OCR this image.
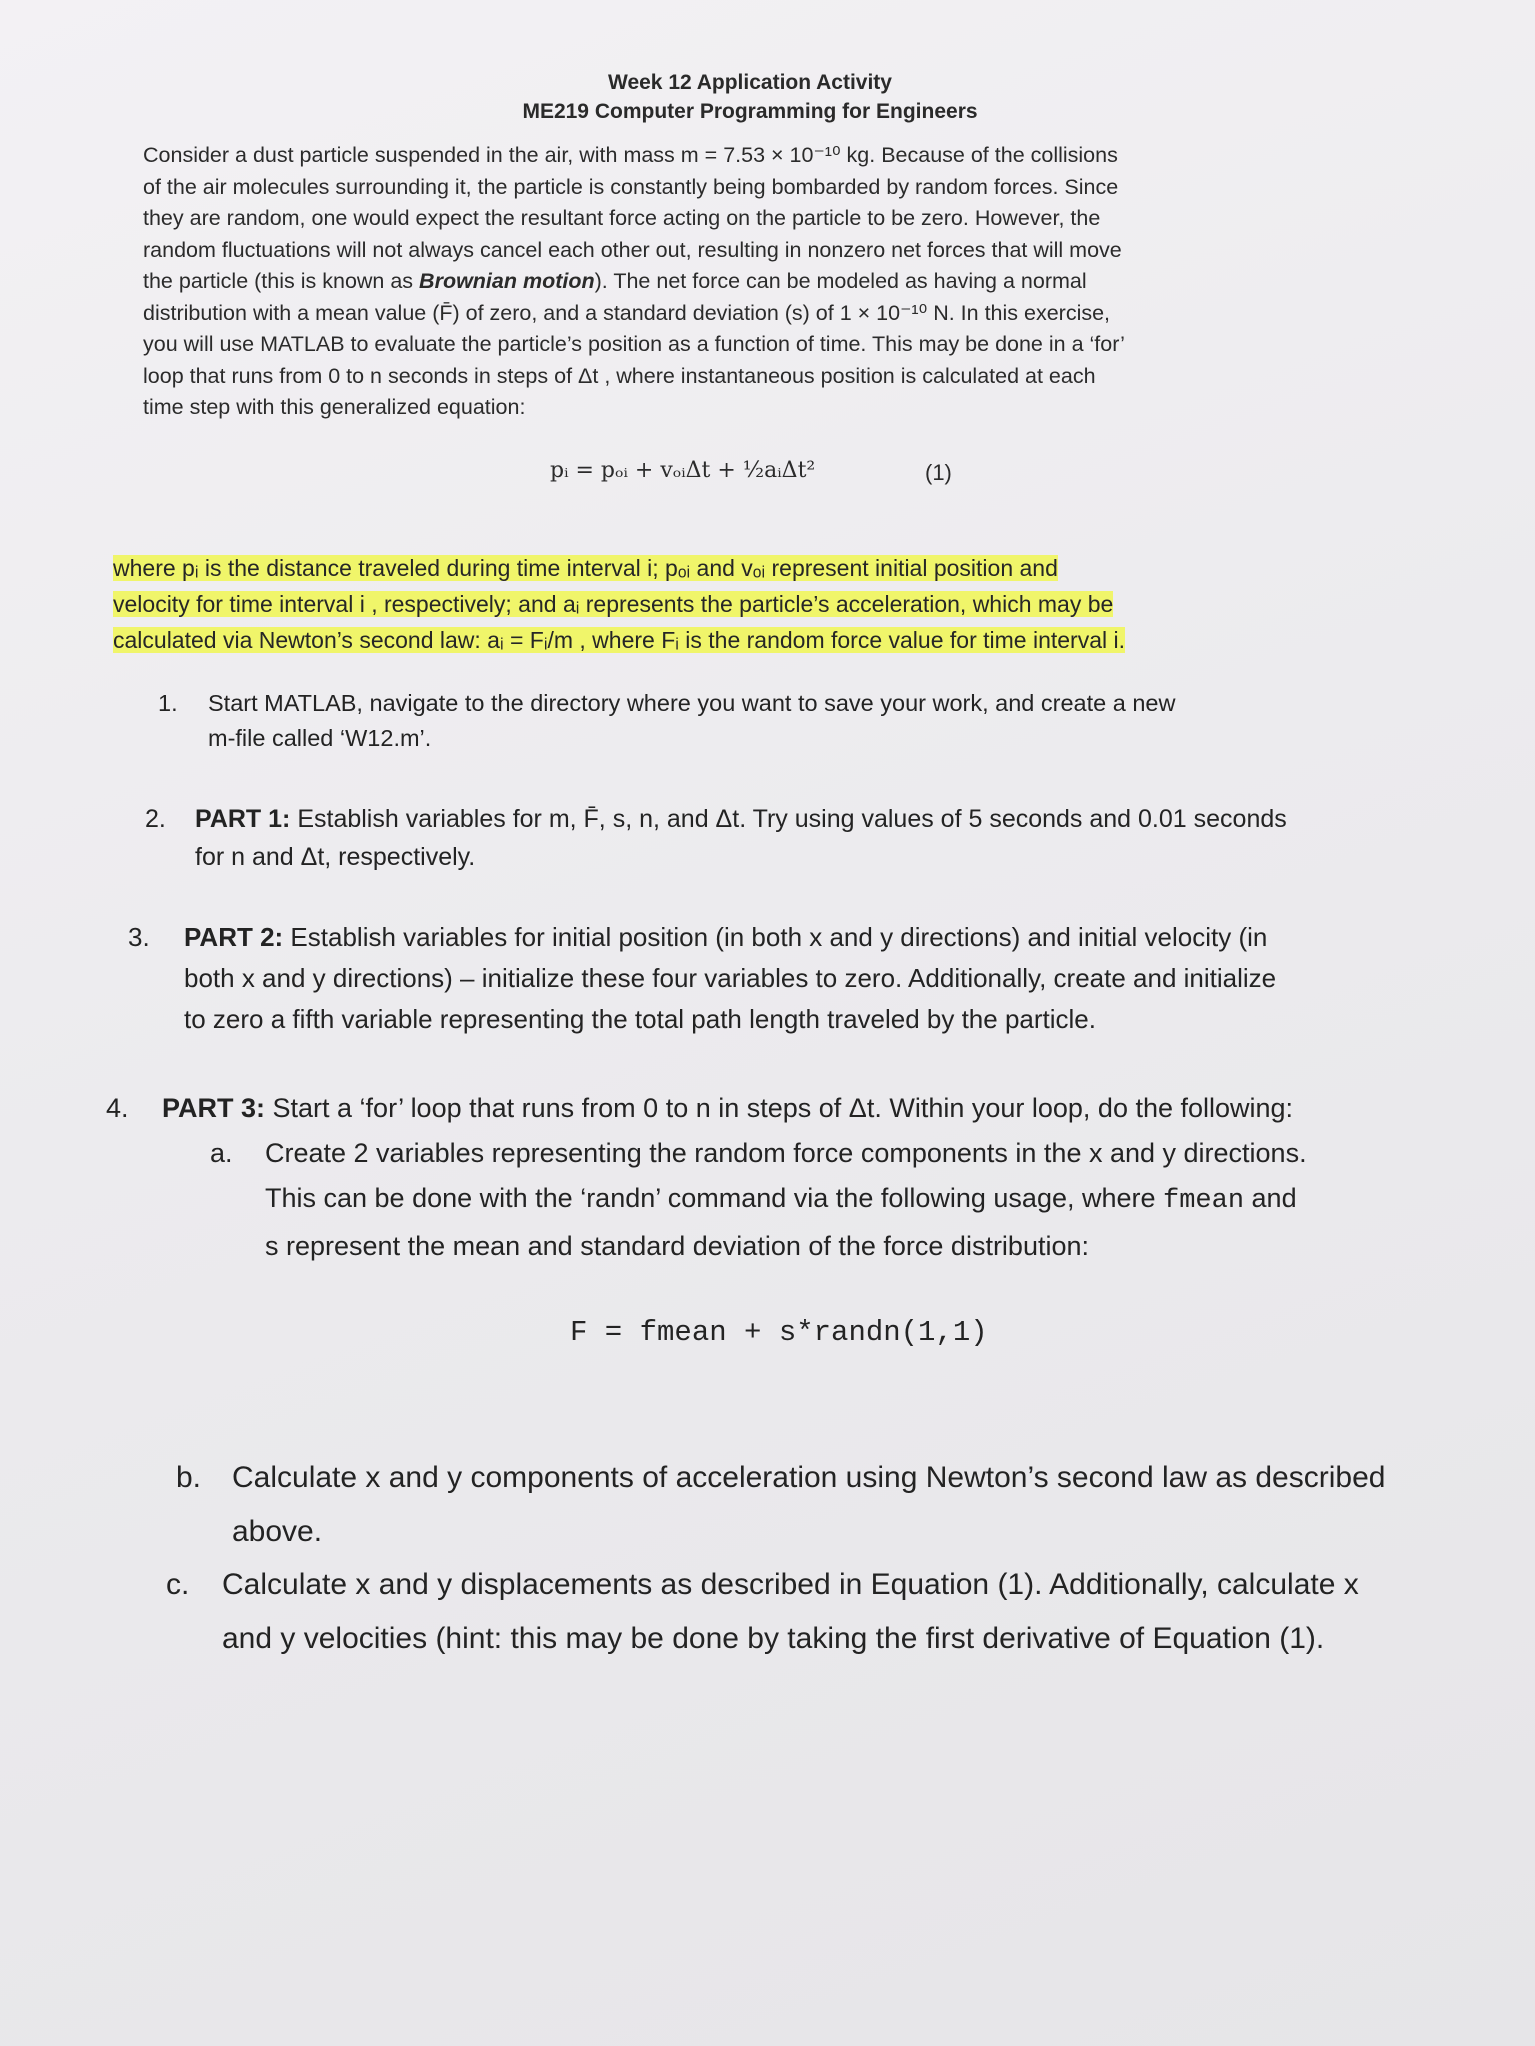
Week 12 Application Activity
ME219 Computer Programming for Engineers
Consider a dust particle suspended in the air, with mass m = 7.53 × 10⁻¹⁰ kg. Because of the collisions
of the air molecules surrounding it, the particle is constantly being bombarded by random forces. Since
they are random, one would expect the resultant force acting on the particle to be zero. However, the
random fluctuations will not always cancel each other out, resulting in nonzero net forces that will move
the particle (this is known as Brownian motion). The net force can be modeled as having a normal
distribution with a mean value (F̄) of zero, and a standard deviation (s) of 1 × 10⁻¹⁰ N. In this exercise,
you will use MATLAB to evaluate the particle’s position as a function of time. This may be done in a ‘for’
loop that runs from 0 to n seconds in steps of Δt , where instantaneous position is calculated at each
time step with this generalized equation:
pᵢ = pₒᵢ + vₒᵢΔt + ½aᵢΔt²	(1)
where pᵢ is the distance traveled during time interval i; pₒᵢ and vₒᵢ represent initial position and
velocity for time interval i , respectively; and aᵢ represents the particle’s acceleration, which may be
calculated via Newton’s second law: aᵢ = Fᵢ/m , where Fᵢ is the random force value for time interval i.
1. Start MATLAB, navigate to the directory where you want to save your work, and create a new
m-file called ‘W12.m’.
2. PART 1: Establish variables for m, F̄, s, n, and Δt. Try using values of 5 seconds and 0.01 seconds
for n and Δt, respectively.
3. PART 2: Establish variables for initial position (in both x and y directions) and initial velocity (in
both x and y directions) – initialize these four variables to zero. Additionally, create and initialize
to zero a fifth variable representing the total path length traveled by the particle.
4. PART 3: Start a ‘for’ loop that runs from 0 to n in steps of Δt. Within your loop, do the following:
a. Create 2 variables representing the random force components in the x and y directions.
This can be done with the ‘randn’ command via the following usage, where fmean and
s represent the mean and standard deviation of the force distribution:
F = fmean + s*randn(1,1)
b. Calculate x and y components of acceleration using Newton’s second law as described
above.
c. Calculate x and y displacements as described in Equation (1). Additionally, calculate x
and y velocities (hint: this may be done by taking the first derivative of Equation (1).
